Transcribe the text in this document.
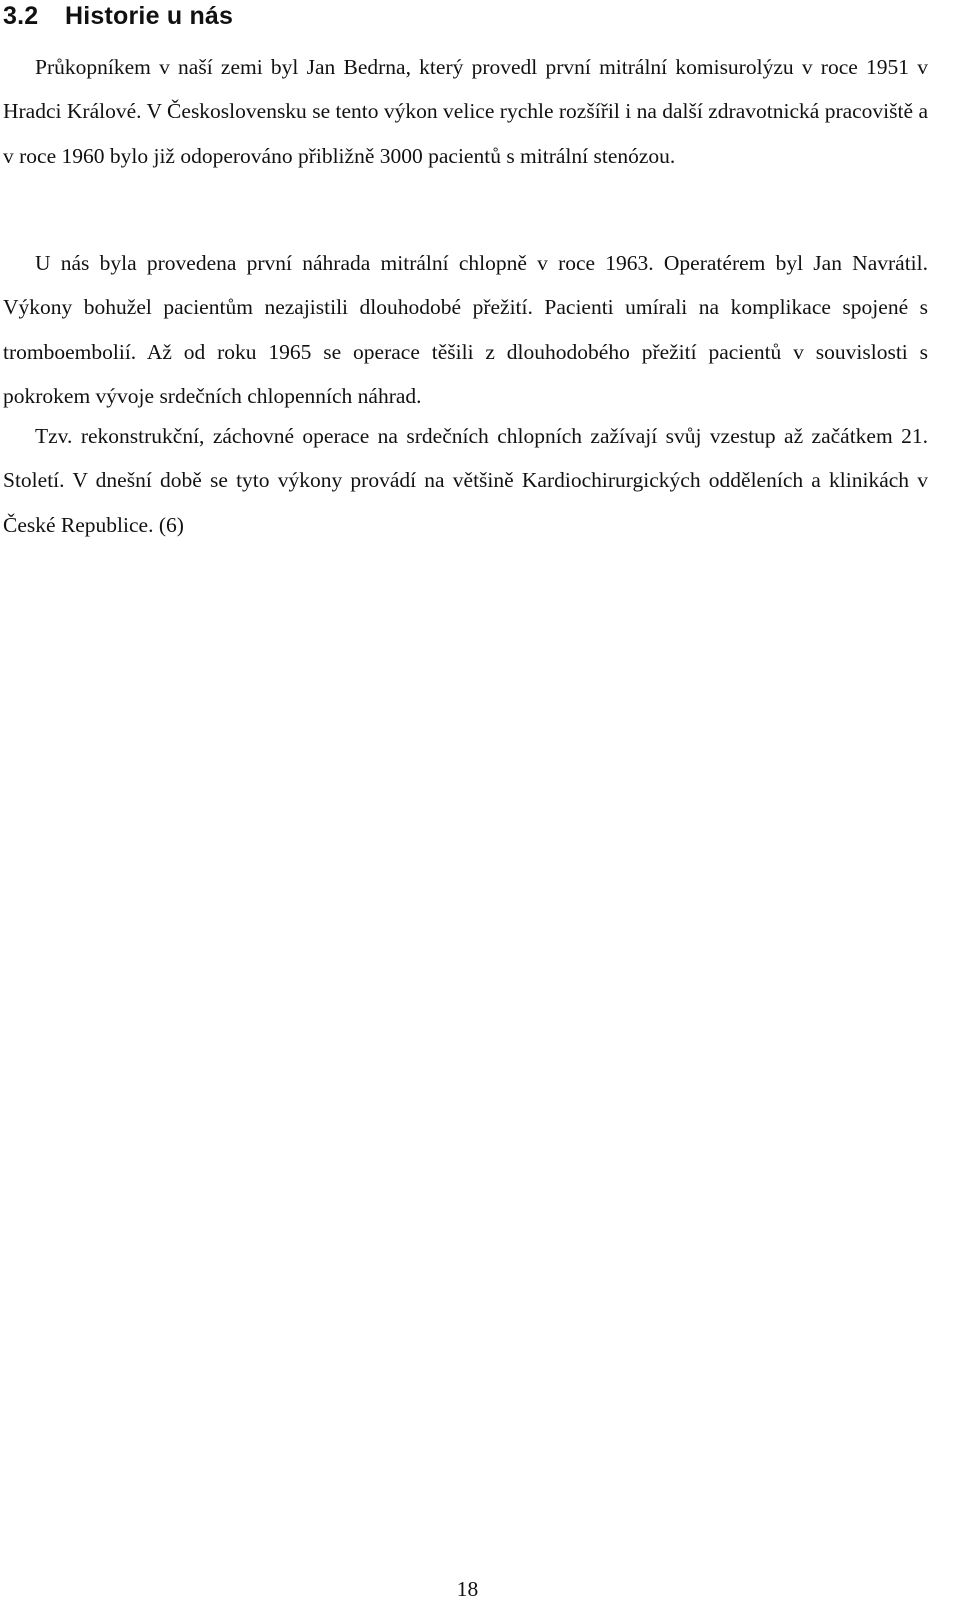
3.2 Historie u nás

Průkopníkem v naší zemi byl Jan Bedrna, který provedl první mitrální komisurolýzu v roce 1951 v Hradci Králové. V Československu se tento výkon velice rychle rozšířil i na další zdravotnická pracoviště a v roce 1960 bylo již odoperováno přibližně 3000 pacientů s mitrální stenózou.

U nás byla provedena první náhrada mitrální chlopně v roce 1963. Operatérem byl Jan Navrátil. Výkony bohužel pacientům nezajistili dlouhodobé přežití. Pacienti umírali na komplikace spojené s tromboembolií. Až od roku 1965 se operace těšili z dlouhodobého přežití pacientů v souvislosti s pokrokem vývoje srdečních chlopenních náhrad.

Tzv. rekonstrukční, záchovné operace na srdečních chlopních zažívají svůj vzestup až začátkem 21. Století. V dnešní době se tyto výkony provádí na většině Kardiochirurgických odděleních a klinikách v České Republice. (6)

18
